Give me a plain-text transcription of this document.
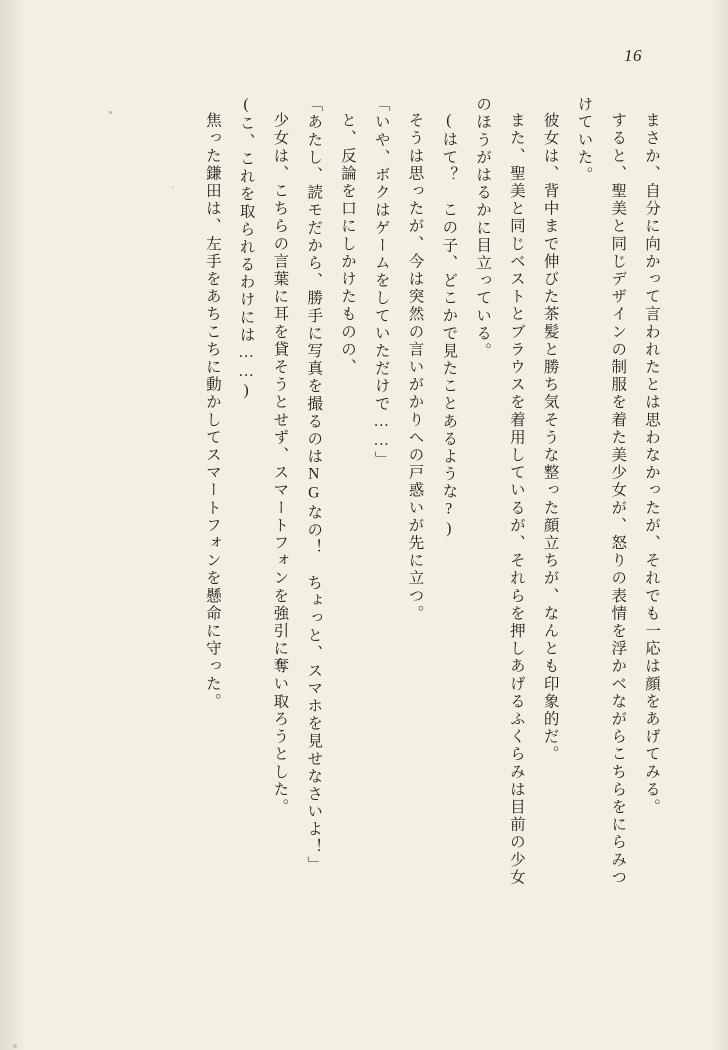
16

まさか、自分に向かって言われたとは思わなかったが、それでも一応は顔をあげてみる。

すると、聖美と同じデザインの制服を着た美少女が、怒りの表情を浮かべながらこちらをにらみつけていた。

彼女は、背中まで伸びた茶髪と勝ち気そうな整った顔立ちが、なんとも印象的だ。

また、聖美と同じベストとブラウスを着用しているが、それらを押しあげるふくらみは目前の少女のほうがはるかに目立っている。

(はて？　この子、どこかで見たことあるような?)

そうは思ったが、今は突然の言いがかりへの戸惑いが先に立つ。

「いや、ボクはゲームをしていただけで……」

と、反論を口にしかけたものの、

「あたし、読モだから、勝手に写真を撮るのはNGなの！　ちょっと、スマホを見せなさいよ！」

少女は、こちらの言葉に耳を貸そうとせず、スマートフォンを強引に奪い取ろうとした。

(こ、これを取られるわけには……)

焦った鎌田は、左手をあちこちに動かしてスマートフォンを懸命に守った。
